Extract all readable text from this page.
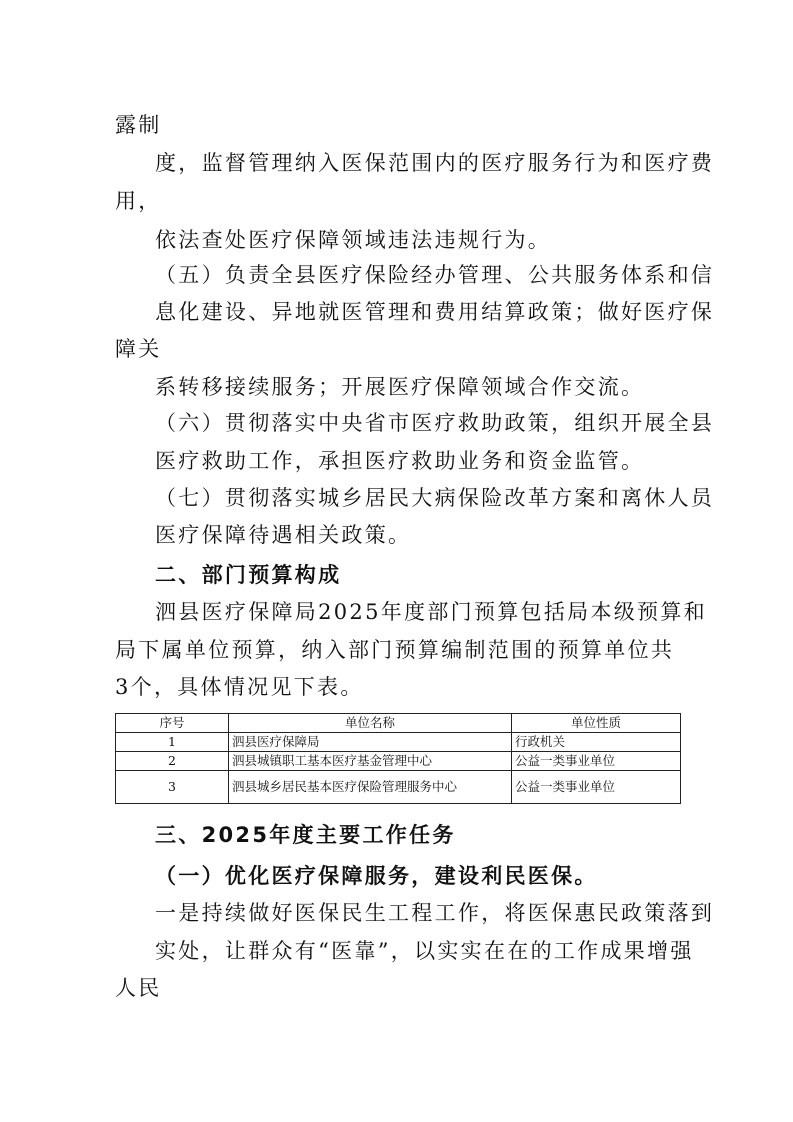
露制

度，监督管理纳入医保范围内的医疗服务行为和医疗费

用，

依法查处医疗保障领域违法违规行为。

（五）负责全县医疗保险经办管理、公共服务体系和信

息化建设、异地就医管理和费用结算政策；做好医疗保

障关

系转移接续服务；开展医疗保障领域合作交流。

（六）贯彻落实中央省市医疗救助政策，组织开展全县

医疗救助工作，承担医疗救助业务和资金监管。

（七）贯彻落实城乡居民大病保险改革方案和离休人员

医疗保障待遇相关政策。

二、部门预算构成

泗县医疗保障局2025年度部门预算包括局本级预算和

局下属单位预算，纳入部门预算编制范围的预算单位共

3个，具体情况见下表。

序号	单位名称	单位性质
1	泗县医疗保障局	行政机关
2	泗县城镇职工基本医疗基金管理中心	公益一类事业单位
3	泗县城乡居民基本医疗保险管理服务中心	公益一类事业单位

三、2025年度主要工作任务

（一）优化医疗保障服务，建设利民医保。

一是持续做好医保民生工程工作，将医保惠民政策落到

实处，让群众有“医靠”，以实实在在的工作成果增强

人民
